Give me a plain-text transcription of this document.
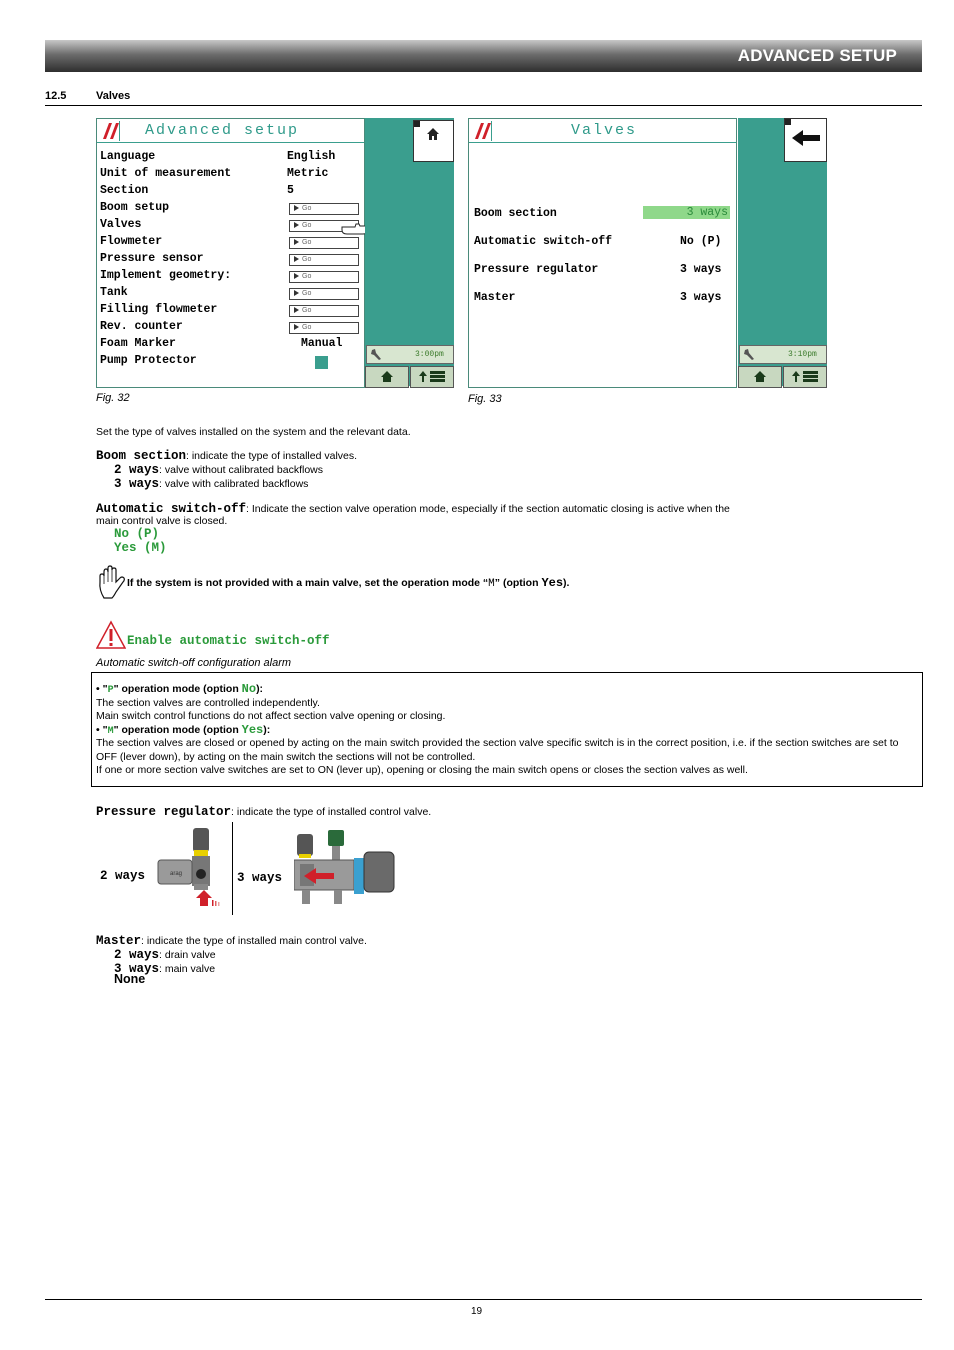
ADVANCED SETUP
12.5	Valves
Advanced setup
Language	English
Unit of measurement	Metric
Section	5
Boom setup	Go
Valves	Go
Flowmeter	Go
Pressure sensor	Go
Implement geometry:	Go
Tank	Go
Filling flowmeter	Go
Rev. counter	Go
Foam Marker	Manual
Pump Protector	3:00pm
Fig. 32
Valves
Boom section	3 ways
Automatic switch-off	No (P)
Pressure regulator	3 ways
Master	3 ways
3:10pm
Fig. 33
Set the type of valves installed on the system and the relevant data.
Boom section: indicate the type of installed valves.
2 ways: valve without calibrated backflows
3 ways: valve with calibrated backflows
Automatic switch-off: Indicate the section valve operation mode, especially if the section automatic closing is active when the
main control valve is closed.
No (P)
Yes (M)
If the system is not provided with a main valve, set the operation mode “M” (option Yes).
Enable automatic switch-off
Automatic switch-off configuration alarm
• "P" operation mode (option No):
The section valves are controlled independently.
Main switch control functions do not affect section valve opening or closing.
• "M" operation mode (option Yes):
The section valves are closed or opened by acting on the main switch provided the section valve specific switch is in the correct position, i.e. if the section switches are set to OFF (lever down), by acting on the main switch the sections will not be controlled.
If one or more section valve switches are set to ON (lever up), opening or closing the main switch opens or closes the section valves as well.
Pressure regulator: indicate the type of installed control valve.
2 ways	arag	3 ways
Master: indicate the type of installed main control valve.
2 ways: drain valve
3 ways: main valve
None
19
